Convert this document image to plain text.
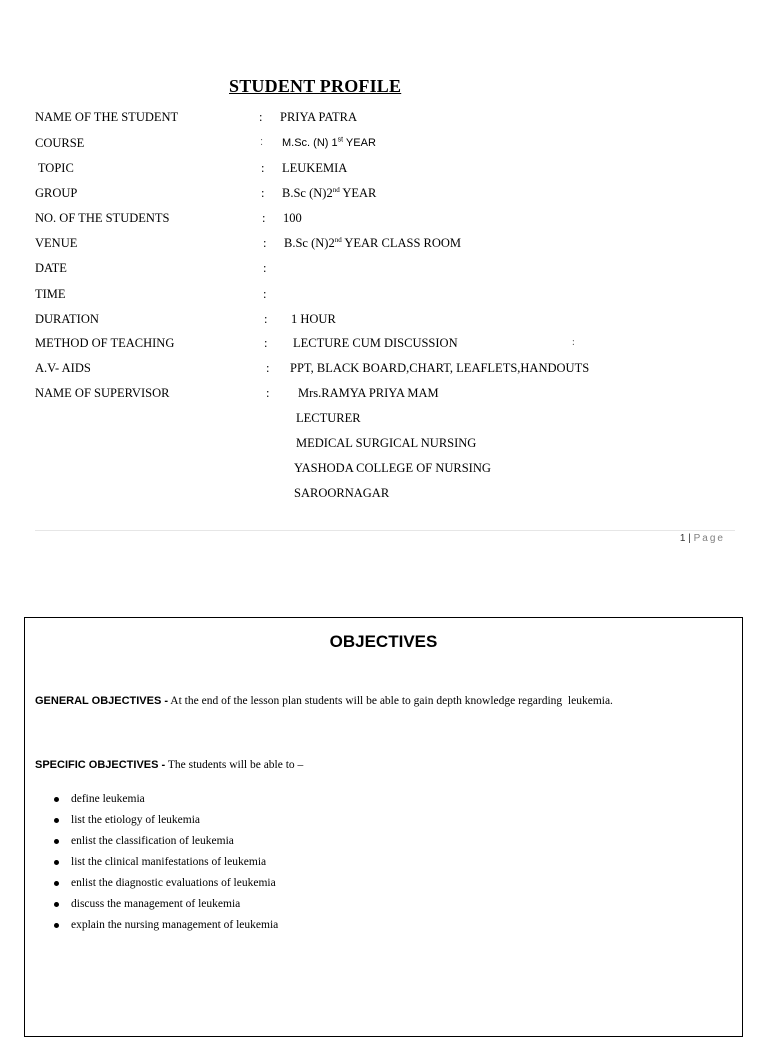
STUDENT PROFILE
NAME OF THE STUDENT	: PRIYA PATRA
COURSE	: M.Sc. (N) 1st YEAR
TOPIC	: LEUKEMIA
GROUP	: B.Sc (N)2nd YEAR
NO. OF THE STUDENTS	: 100
VENUE	: B.Sc (N)2nd YEAR CLASS ROOM
DATE	:
TIME	:
DURATION	: 1 HOUR
METHOD OF TEACHING	: LECTURE CUM DISCUSSION	:
A.V- AIDS	: PPT, BLACK BOARD,CHART, LEAFLETS,HANDOUTS
NAME OF SUPERVISOR	: Mrs.RAMYA PRIYA MAM
LECTURER
MEDICAL SURGICAL NURSING
YASHODA COLLEGE OF NURSING
SAROORNAGAR
1 | Page
OBJECTIVES
GENERAL OBJECTIVES - At the end of the lesson plan students will be able to gain depth knowledge regarding  leukemia.
SPECIFIC OBJECTIVES - The students will be able to –
define leukemia
list the etiology of leukemia
enlist the classification of leukemia
list the clinical manifestations of leukemia
enlist the diagnostic evaluations of leukemia
discuss the management of leukemia
explain the nursing management of leukemia
